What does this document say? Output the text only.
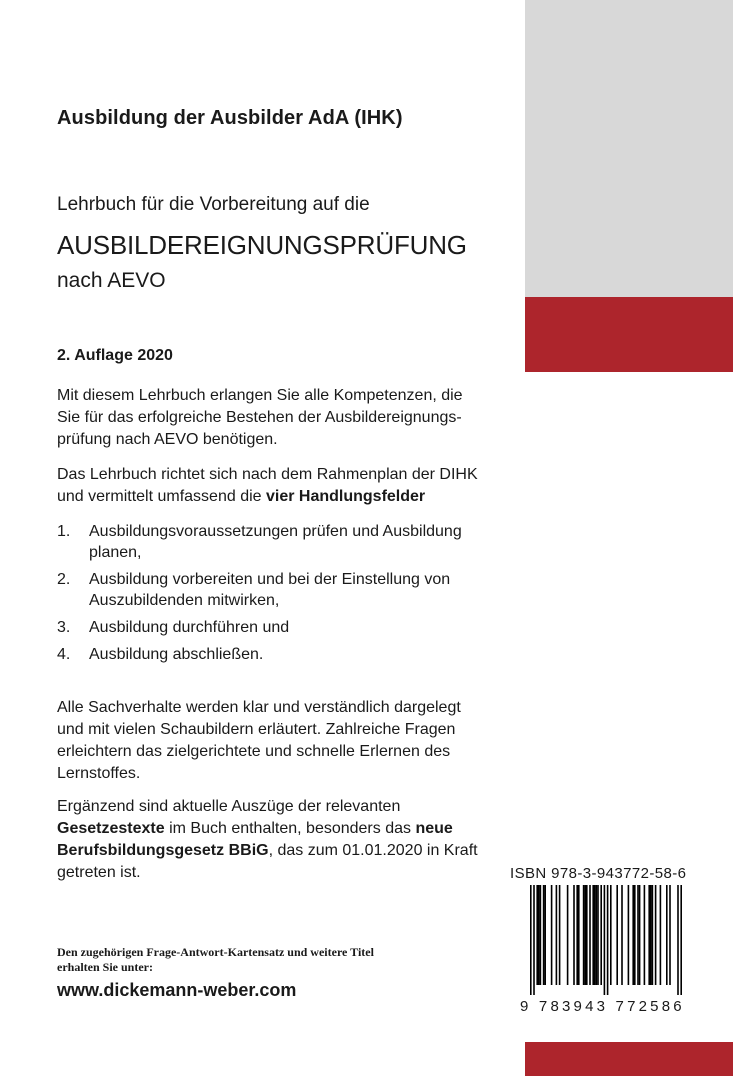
Ausbildung der Ausbilder AdA (IHK)
Lehrbuch für die Vorbereitung auf die
AUSBILDEREIGNUNGSPRÜFUNG
nach AEVO
2. Auflage 2020
Mit diesem Lehrbuch erlangen Sie alle Kompetenzen, die
Sie für das erfolgreiche Bestehen der Ausbildereignungs-
prüfung nach AEVO benötigen.
Das Lehrbuch richtet sich nach dem Rahmenplan der DIHK
und vermittelt umfassend die vier Handlungsfelder
1. Ausbildungsvoraussetzungen prüfen und Ausbildung
planen,
2. Ausbildung vorbereiten und bei der Einstellung von
Auszubildenden mitwirken,
3. Ausbildung durchführen und
4. Ausbildung abschließen.
Alle Sachverhalte werden klar und verständlich dargelegt
und mit vielen Schaubildern erläutert. Zahlreiche Fragen
erleichtern das zielgerichtete und schnelle Erlernen des
Lernstoffes.
Ergänzend sind aktuelle Auszüge der relevanten
Gesetzestexte im Buch enthalten, besonders das neue
Berufsbildungsgesetz BBiG, das zum 01.01.2020 in Kraft
getreten ist.	ISBN 978-3-943772-58-6
9 783943 772586
Den zugehörigen Frage-Antwort-Kartensatz und weitere Titel
erhalten Sie unter:
www.dickemann-weber.com
